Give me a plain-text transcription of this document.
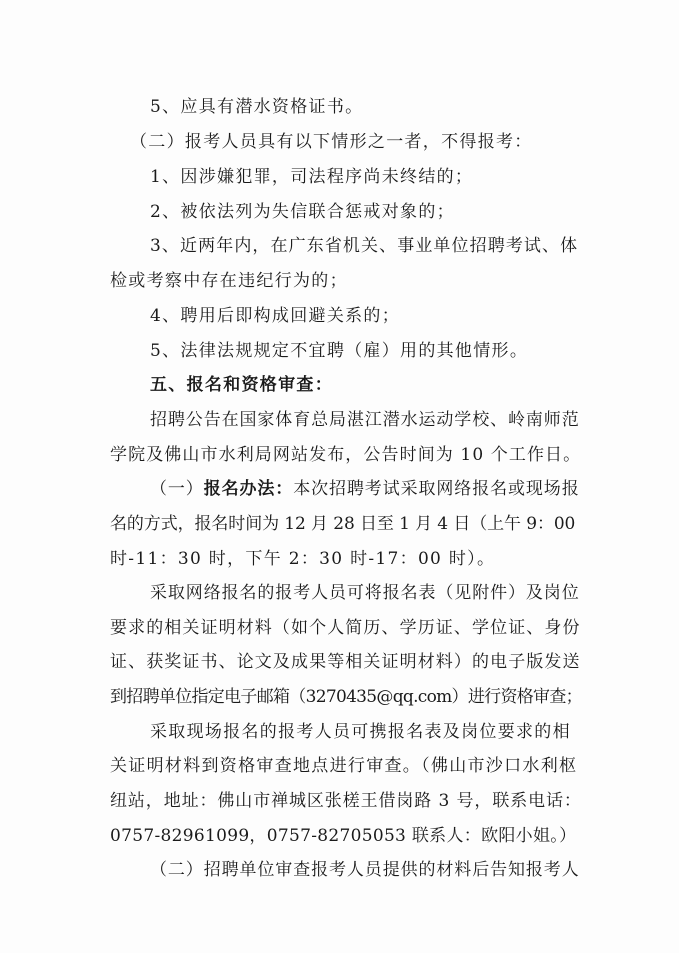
5、应具有潜水资格证书。
（二）报考人员具有以下情形之一者，不得报考：
1、因涉嫌犯罪，司法程序尚未终结的；
2、被依法列为失信联合惩戒对象的；
3、近两年内，在广东省机关、事业单位招聘考试、体
检或考察中存在违纪行为的；
4、聘用后即构成回避关系的；
5、法律法规规定不宜聘（雇）用的其他情形。
五、报名和资格审查：
招聘公告在国家体育总局湛江潜水运动学校、岭南师范
学院及佛山市水利局网站发布，公告时间为 10 个工作日。
（一）报名办法：本次招聘考试采取网络报名或现场报
名的方式，报名时间为 12 月 28 日至 1 月 4 日（上午 9：00
时-11：30 时，下午 2：30 时-17：00 时）。
采取网络报名的报考人员可将报名表（见附件）及岗位
要求的相关证明材料（如个人简历、学历证、学位证、身份
证、获奖证书、论文及成果等相关证明材料）的电子版发送
到招聘单位指定电子邮箱（3270435@qq.com）进行资格审查；
采取现场报名的报考人员可携报名表及岗位要求的相
关证明材料到资格审查地点进行审查。（佛山市沙口水利枢
纽站，地址：佛山市禅城区张槎王借岗路 3 号，联系电话：
0757-82961099，0757-82705053 联系人：欧阳小姐。）
（二）招聘单位审查报考人员提供的材料后告知报考人
